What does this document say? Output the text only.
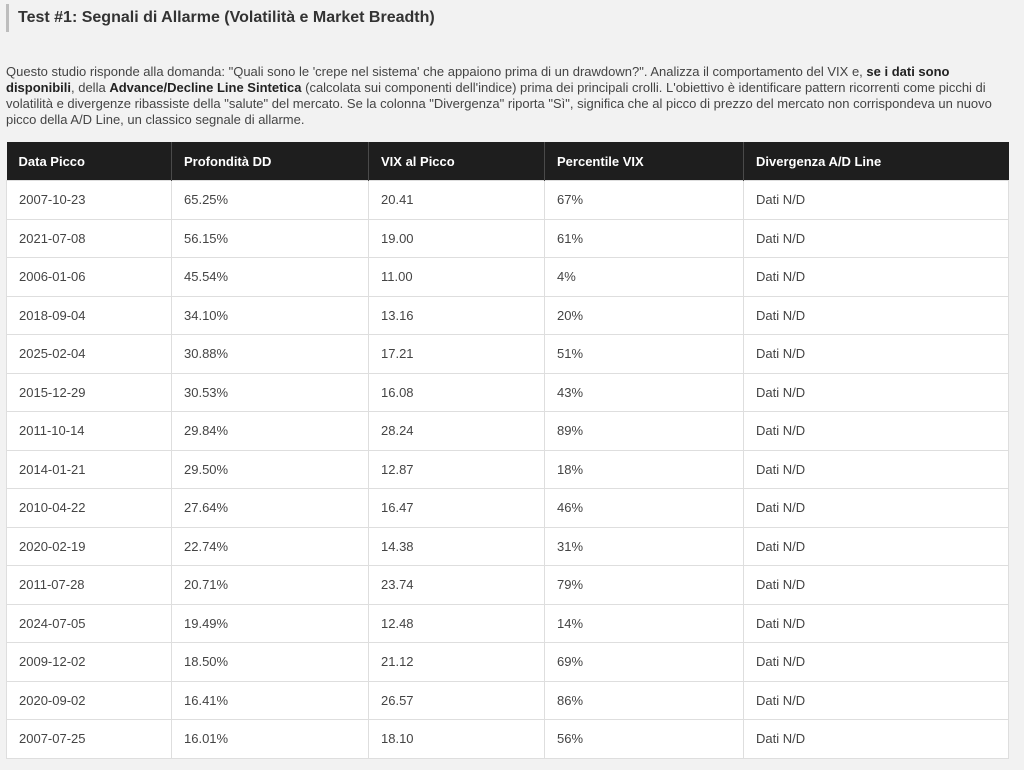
Test #1: Segnali di Allarme (Volatilità e Market Breadth)

Questo studio risponde alla domanda: "Quali sono le 'crepe nel sistema' che appaiono prima di un drawdown?". Analizza il comportamento del VIX e, se i dati sono disponibili, della Advance/Decline Line Sintetica (calcolata sui componenti dell'indice) prima dei principali crolli. L'obiettivo è identificare pattern ricorrenti come picchi di volatilità e divergenze ribassiste della "salute" del mercato. Se la colonna "Divergenza" riporta "Sì", significa che al picco di prezzo del mercato non corrispondeva un nuovo picco della A/D Line, un classico segnale di allarme.

Data Picco	Profondità DD	VIX al Picco	Percentile VIX	Divergenza A/D Line
2007-10-23	65.25%	20.41	67%	Dati N/D
2021-07-08	56.15%	19.00	61%	Dati N/D
2006-01-06	45.54%	11.00	4%	Dati N/D
2018-09-04	34.10%	13.16	20%	Dati N/D
2025-02-04	30.88%	17.21	51%	Dati N/D
2015-12-29	30.53%	16.08	43%	Dati N/D
2011-10-14	29.84%	28.24	89%	Dati N/D
2014-01-21	29.50%	12.87	18%	Dati N/D
2010-04-22	27.64%	16.47	46%	Dati N/D
2020-02-19	22.74%	14.38	31%	Dati N/D
2011-07-28	20.71%	23.74	79%	Dati N/D
2024-07-05	19.49%	12.48	14%	Dati N/D
2009-12-02	18.50%	21.12	69%	Dati N/D
2020-09-02	16.41%	26.57	86%	Dati N/D
2007-07-25	16.01%	18.10	56%	Dati N/D
